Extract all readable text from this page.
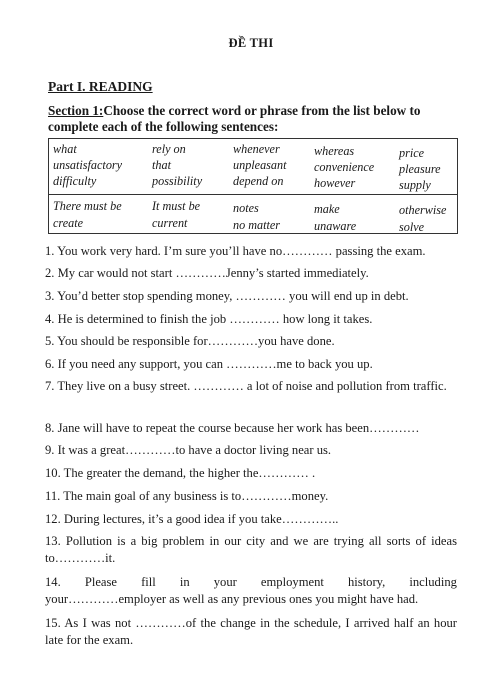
ĐỀ THI
Part I. READING
Section 1:Choose the correct word or phrase from the list below to complete each of the following sentences:
what
unsatisfactory
difficulty
rely on
that
possibility
whenever
unpleasant
depend on
whereas
convenience
however
price
pleasure
supply
There must be
create
It must be
current
notes
no matter
make
unaware
otherwise
solve
1. You work very hard. I’m sure you’ll have no………… passing the exam.
2. My car would not start …………Jenny’s started immediately.
3. You’d better stop spending money, ………… you will end up in debt.
4. He is determined to finish the job ………… how long it takes.
5. You should be responsible for…………you have done.
6. If you need any support, you can …………me to back you up.
7. They live on a busy street. ………… a lot of noise and pollution from traffic.
8. Jane will have to repeat the course because her work has been…………
9. It was a great…………to have a doctor living near us.
10. The greater the demand, the higher the………… .
11. The main goal of any business is to…………money.
12. During lectures, it’s a good idea if you take…………..
13. Pollution is a big problem in our city and we are trying all sorts of ideas to…………it.
14. Please fill in your employment history, including
your…………employer as well as any previous ones you might have had.
15. As I was not …………of the change in the schedule, I arrived half an hour late for the exam.
